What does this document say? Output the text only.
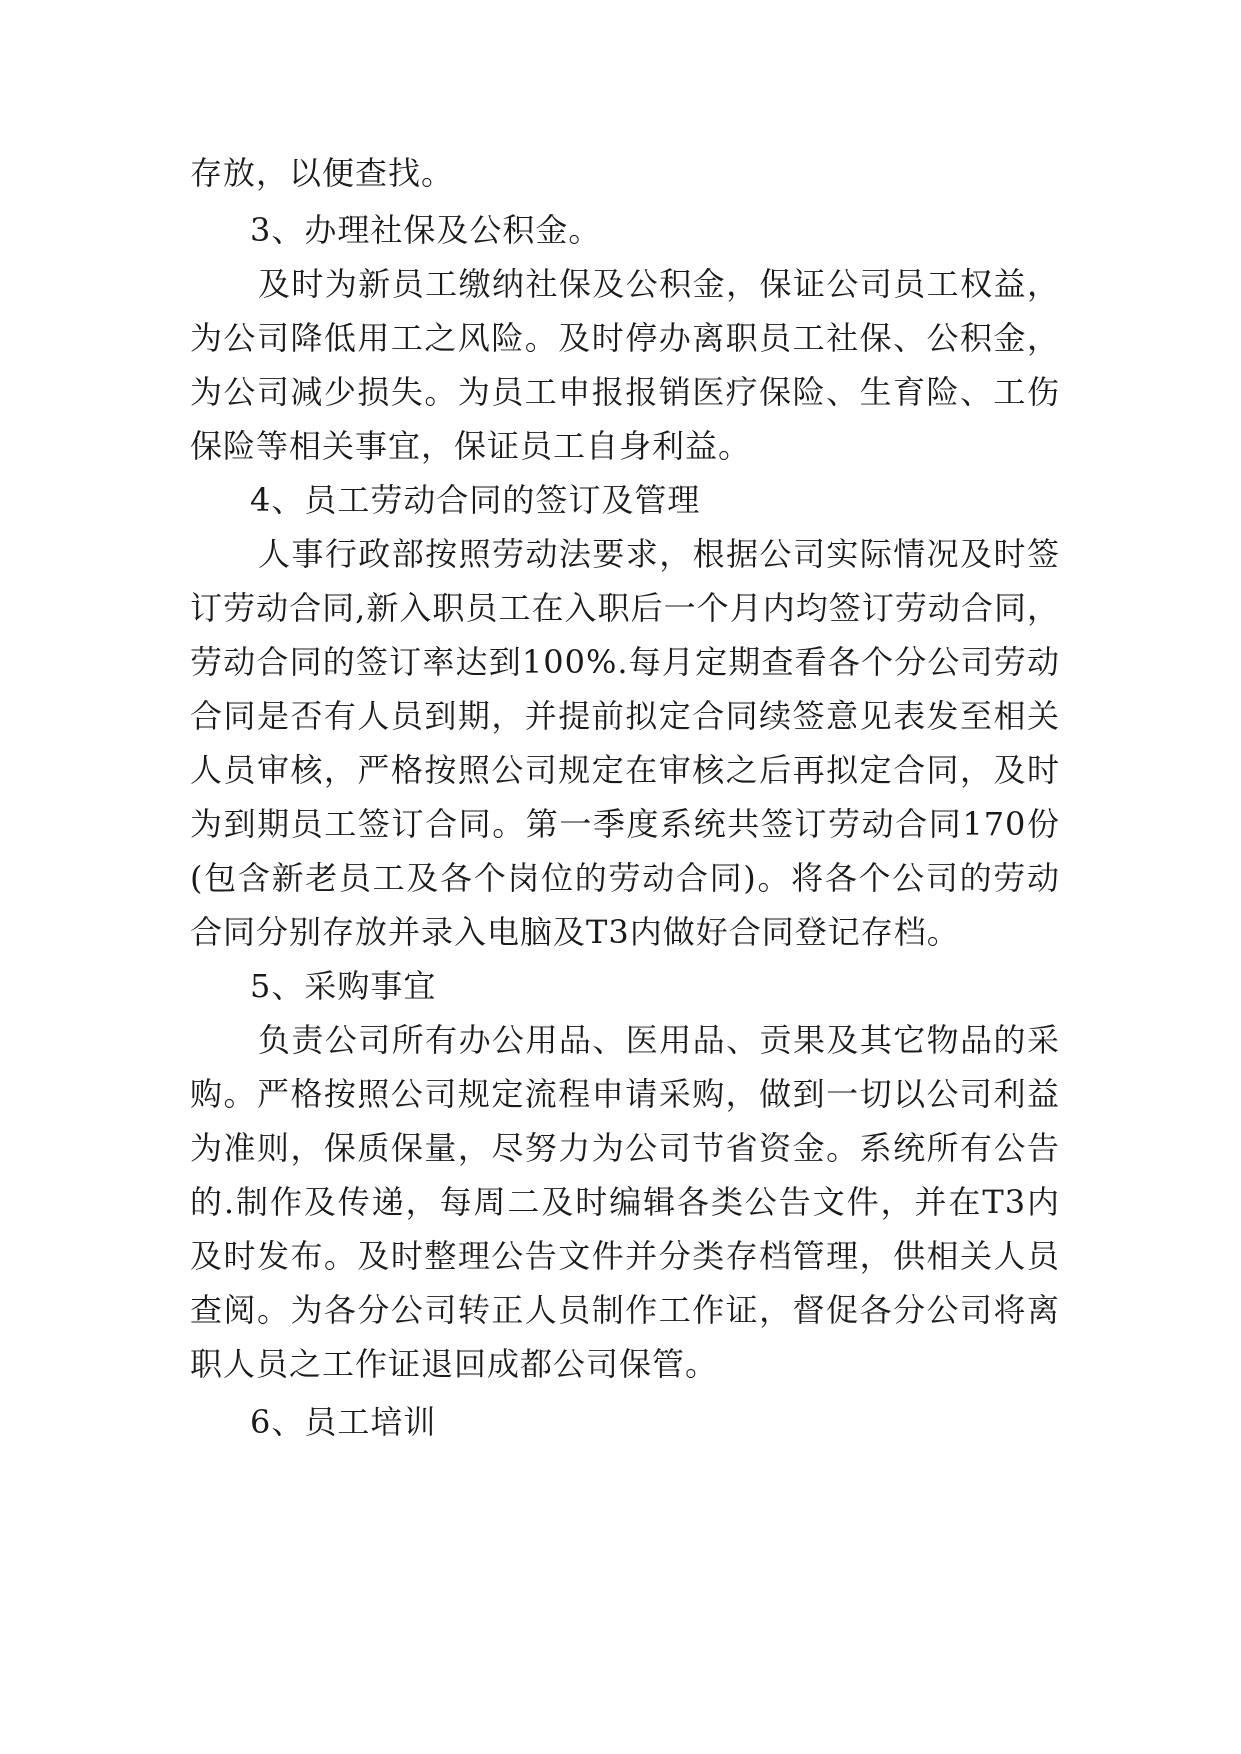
存放，以便查找。
3、办理社保及公积金。
及时为新员工缴纳社保及公积金，保证公司员工权益，
为公司降低用工之风险。及时停办离职员工社保、公积金，
为公司减少损失。为员工申报报销医疗保险、生育险、工伤
保险等相关事宜，保证员工自身利益。
4、员工劳动合同的签订及管理
人事行政部按照劳动法要求，根据公司实际情况及时签
订劳动合同,新入职员工在入职后一个月内均签订劳动合同，
劳动合同的签订率达到100%.每月定期查看各个分公司劳动
合同是否有人员到期，并提前拟定合同续签意见表发至相关
人员审核，严格按照公司规定在审核之后再拟定合同，及时
为到期员工签订合同。第一季度系统共签订劳动合同170份
(包含新老员工及各个岗位的劳动合同)。将各个公司的劳动
合同分别存放并录入电脑及T3内做好合同登记存档。
5、采购事宜
负责公司所有办公用品、医用品、贡果及其它物品的采
购。严格按照公司规定流程申请采购，做到一切以公司利益
为准则，保质保量，尽努力为公司节省资金。系统所有公告
的.制作及传递，每周二及时编辑各类公告文件，并在T3内
及时发布。及时整理公告文件并分类存档管理，供相关人员
查阅。为各分公司转正人员制作工作证，督促各分公司将离
职人员之工作证退回成都公司保管。
6、员工培训
